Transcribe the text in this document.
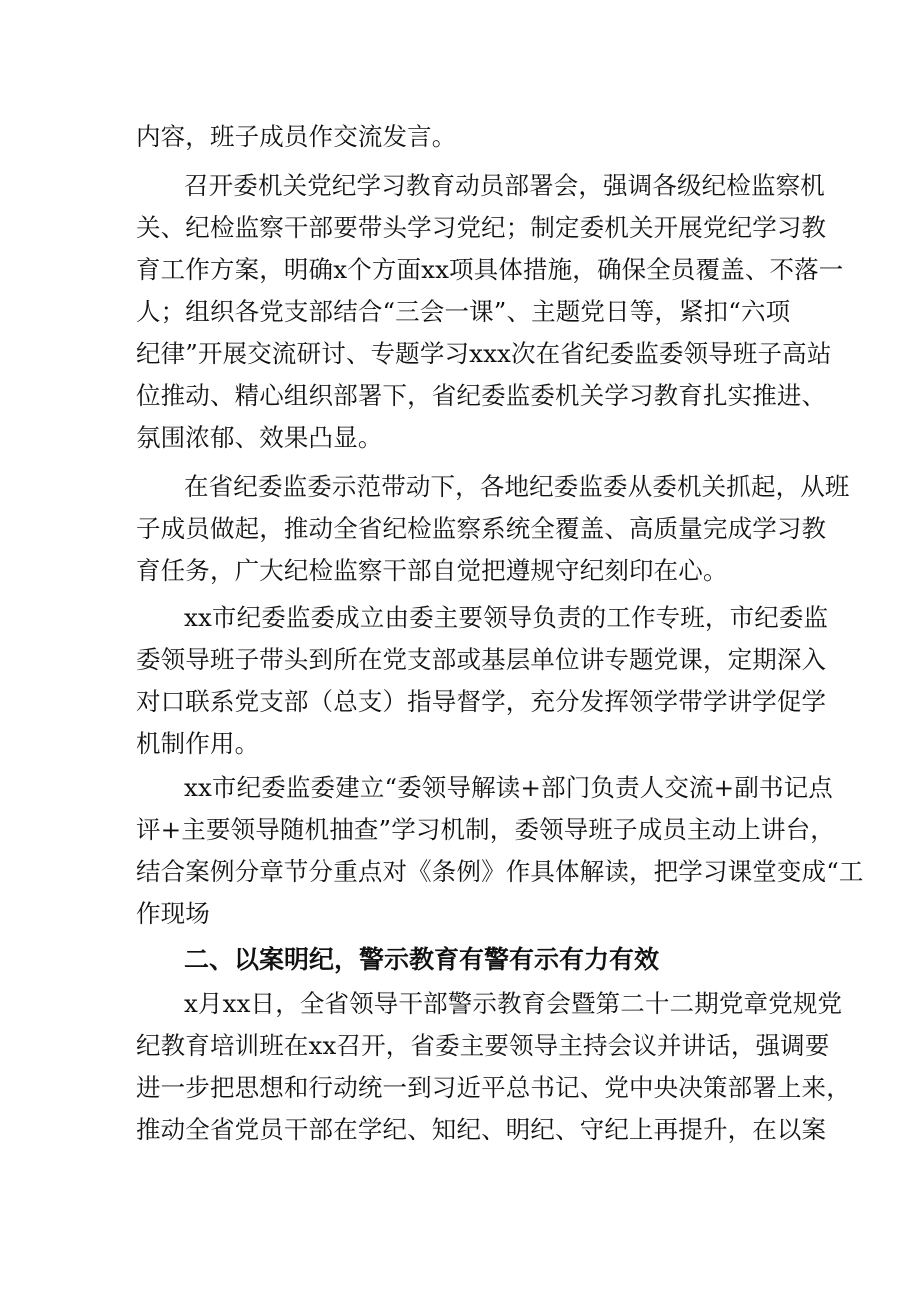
内容，班子成员作交流发言。
召开委机关党纪学习教育动员部署会，强调各级纪检监察机
关、纪检监察干部要带头学习党纪；制定委机关开展党纪学习教
育工作方案，明确x个方面xx项具体措施，确保全员覆盖、不落一
人；组织各党支部结合“三会一课”、主题党日等，紧扣“六项
纪律”开展交流研讨、专题学习xxx次在省纪委监委领导班子高站
位推动、精心组织部署下，省纪委监委机关学习教育扎实推进、
氛围浓郁、效果凸显。
在省纪委监委示范带动下，各地纪委监委从委机关抓起，从班
子成员做起，推动全省纪检监察系统全覆盖、高质量完成学习教
育任务，广大纪检监察干部自觉把遵规守纪刻印在心。
xx市纪委监委成立由委主要领导负责的工作专班，市纪委监
委领导班子带头到所在党支部或基层单位讲专题党课，定期深入
对口联系党支部（总支）指导督学，充分发挥领学带学讲学促学
机制作用。
xx市纪委监委建立“委领导解读+部门负责人交流+副书记点
评+主要领导随机抽查”学习机制，委领导班子成员主动上讲台，
结合案例分章节分重点对《条例》作具体解读，把学习课堂变成“工
作现场
二、以案明纪，警示教育有警有示有力有效
x月xx日，全省领导干部警示教育会暨第二十二期党章党规党
纪教育培训班在xx召开，省委主要领导主持会议并讲话，强调要
进一步把思想和行动统一到习近平总书记、党中央决策部署上来，
推动全省党员干部在学纪、知纪、明纪、守纪上再提升，在以案
